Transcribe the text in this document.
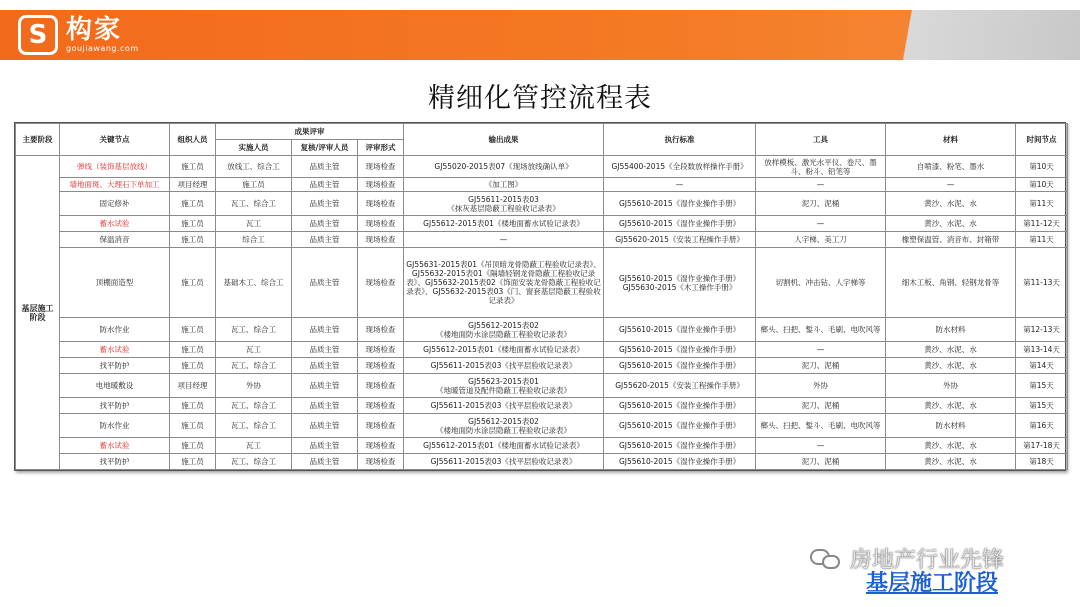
S 构家
goujiawang.com
精细化管控流程表
主要阶段	关键节点	组织人员	成果评审			输出成果	执行标准	工具	材料	时间节点
			实施人员	复核/评审人员	评审形式					
基层施工阶段	弹线（装饰基层放线）	施工员	放线工、综合工	品质主管	现场检查	GJ55020-2015表07《现场放线确认单》	GJ55400-2015《全段数放样操作手册》	放样模板、激光水平仪、卷尺、墨斗、粉斗、铅笔等	自喷漆、粉笔、墨水	第10天
	墙地面斑、大理石下单加工	项目经理	施工员	品质主管	现场检查	《加工图》	—	—	—	第10天
	固定修补	施工员	瓦工、综合工	品质主管	现场检查	GJ55611-2015表03
《抹灰基层隐蔽工程验收记录表》	GJ55610-2015《湿作业操作手册》	泥刀、泥桶	黄沙、水泥、水	第11天
	蓄水试验	施工员	瓦工	品质主管	现场检查	GJ55612-2015表01《楼地面蓄水试验记录表》	GJ55610-2015《湿作业操作手册》	—	黄沙、水泥、水	第11-12天
	保温消音	施工员	综合工	品质主管	现场检查	—	GJ55620-2015《安装工程操作手册》	人字梯、美工刀	橡塑保温管、消音布、封箱带	第11天
	顶棚面造型	施工员	基础木工、综合工	品质主管	现场检查	GJ55631-2015表01《吊顶暗龙骨隐蔽工程验收记录表》、GJ55632-2015表01《隔墙轻钢龙骨隐蔽工程验收记录表》、GJ55632-2015表02《饰面安装龙骨隐蔽工程验收记录表》、GJ55632-2015表03《门、窗套基层隐蔽工程验收记录表》	GJ55610-2015《湿作业操作手册》
GJ55630-2015《木工操作手册》	切割机、冲击钻、人字梯等	细木工板、角钢、轻钢龙骨等	第11-13天
	防水作业	施工员	瓦工、综合工	品质主管	现场检查	GJ55612-2015表02
《楼地面防水涂层隐蔽工程验收记录表》	GJ55610-2015《湿作业操作手册》	榔头、扫把、錾斗、毛刷、电吹风等	防水材料	第12-13天
	蓄水试验	施工员	瓦工	品质主管	现场检查	GJ55612-2015表01《楼地面蓄水试验记录表》	GJ55610-2015《湿作业操作手册》	—	黄沙、水泥、水	第13-14天
	找平防护	施工员	瓦工、综合工	品质主管	现场检查	GJ55611-2015表03《找平层验收记录表》	GJ55610-2015《湿作业操作手册》	泥刀、泥桶	黄沙、水泥、水	第14天
	电地暖敷设	项目经理	外协	品质主管	现场检查	GJ55623-2015表01
《地暖管道及配件隐蔽工程验收记录表》	GJ55620-2015《安装工程操作手册》	外协	外协	第15天
	找平防护	施工员	瓦工、综合工	品质主管	现场检查	GJ55611-2015表03《找平层验收记录表》	GJ55610-2015《湿作业操作手册》	泥刀、泥桶	黄沙、水泥、水	第15天
	防水作业	施工员	瓦工、综合工	品质主管	现场检查	GJ55612-2015表02
《楼地面防水涂层隐蔽工程验收记录表》	GJ55610-2015《湿作业操作手册》	榔头、扫把、錾斗、毛刷、电吹风等	防水材料	第16天
	蓄水试验	施工员	瓦工	品质主管	现场检查	GJ55612-2015表01《楼地面蓄水试验记录表》	GJ55610-2015《湿作业操作手册》	—	黄沙、水泥、水	第17-18天
	找平防护	施工员	瓦工、综合工	品质主管	现场检查	GJ55611-2015表03《找平层验收记录表》	GJ55610-2015《湿作业操作手册》	泥刀、泥桶	黄沙、水泥、水	第18天
房地产行业先锋
基层施工阶段
